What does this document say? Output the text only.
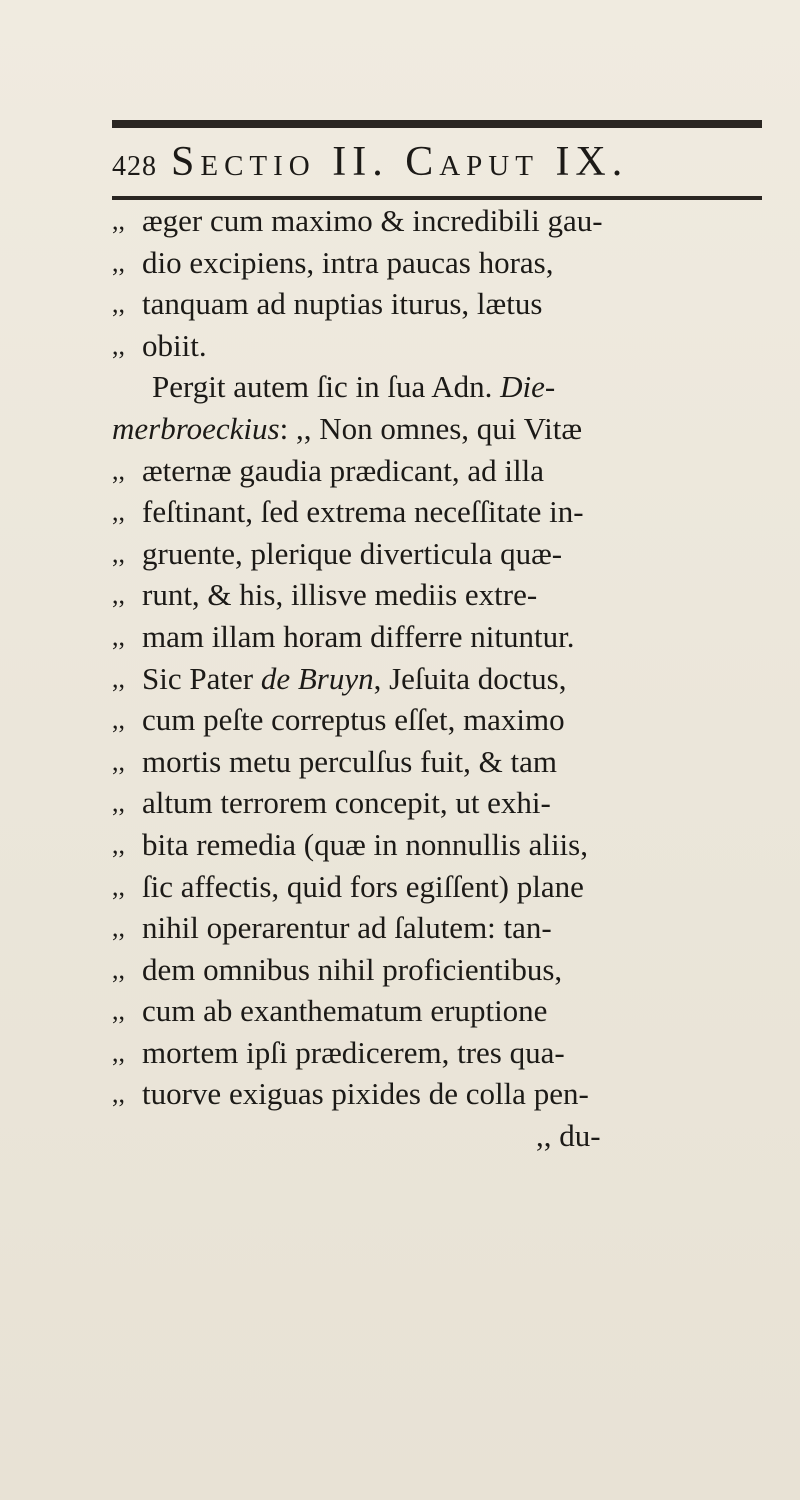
428 Sectio II. Caput IX.
,, æger cum maximo & incredibili gau-
,, dio excipiens, intra paucas horas,
,, tanquam ad nuptias iturus, lætus
,, obiit.
Pergit autem ſic in ſua Adn. Die-
merbroeckius: ,, Non omnes, qui Vitæ
,, æternæ gaudia prædicant, ad illa
,, feſtinant, ſed extrema neceſſitate in-
,, gruente, plerique diverticula quæ-
,, runt, & his, illisve mediis extre-
,, mam illam horam differre nituntur.
,, Sic Pater de Bruyn, Jeſuita doctus,
,, cum peſte correptus eſſet, maximo
,, mortis metu perculſus fuit, & tam
,, altum terrorem concepit, ut exhi-
,, bita remedia (quæ in nonnullis aliis,
,, ſic affectis, quid fors egiſſent) plane
,, nihil operarentur ad ſalutem: tan-
,, dem omnibus nihil proficientibus,
,, cum ab exanthematum eruptione
,, mortem ipſi prædicerem, tres qua-
,, tuorve exiguas pixides de colla pen-
,, du-
